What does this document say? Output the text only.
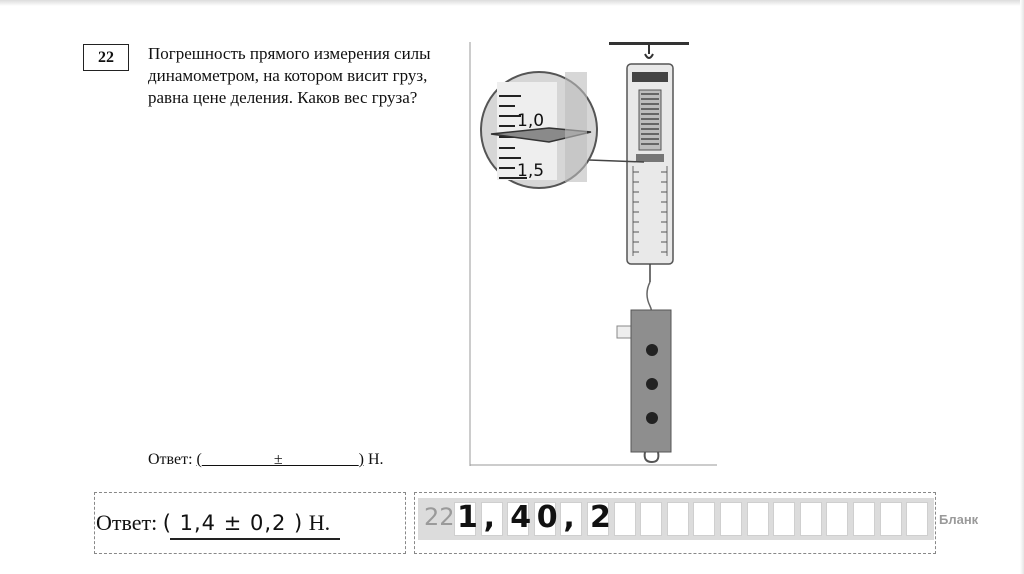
22	Погрешность прямого измерения силы
динамометром, на котором висит груз,
равна цене деления. Каков вес груза?
Ответ: (_________± _________) Н.
1,0
1,5
Ответ: ( 1,4 ± 0,2 ) Н.	22 1 , 4 0 , 2	Бланк
